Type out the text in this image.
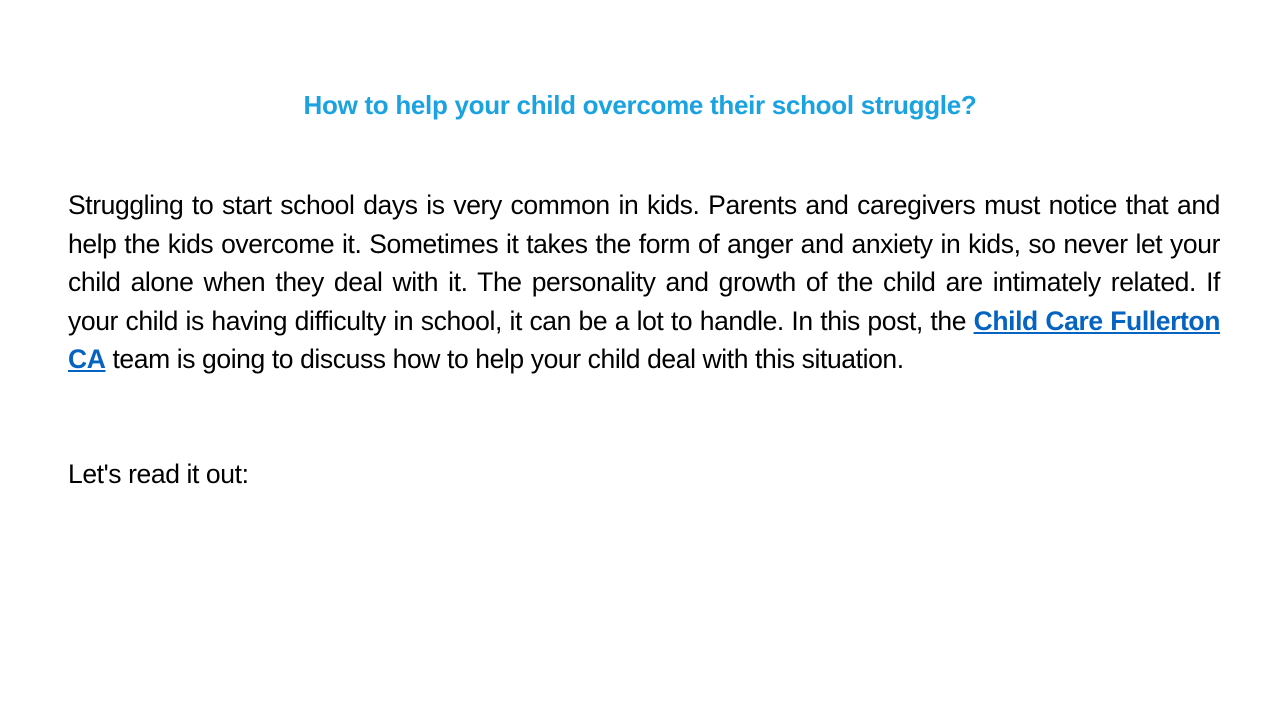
How to help your child overcome their school struggle?

Struggling to start school days is very common in kids. Parents and caregivers must notice that and help the kids overcome it. Sometimes it takes the form of anger and anxiety in kids, so never let your child alone when they deal with it. The personality and growth of the child are intimately related. If your child is having difficulty in school, it can be a lot to handle. In this post, the Child Care Fullerton CA team is going to discuss how to help your child deal with this situation.

Let's read it out:
